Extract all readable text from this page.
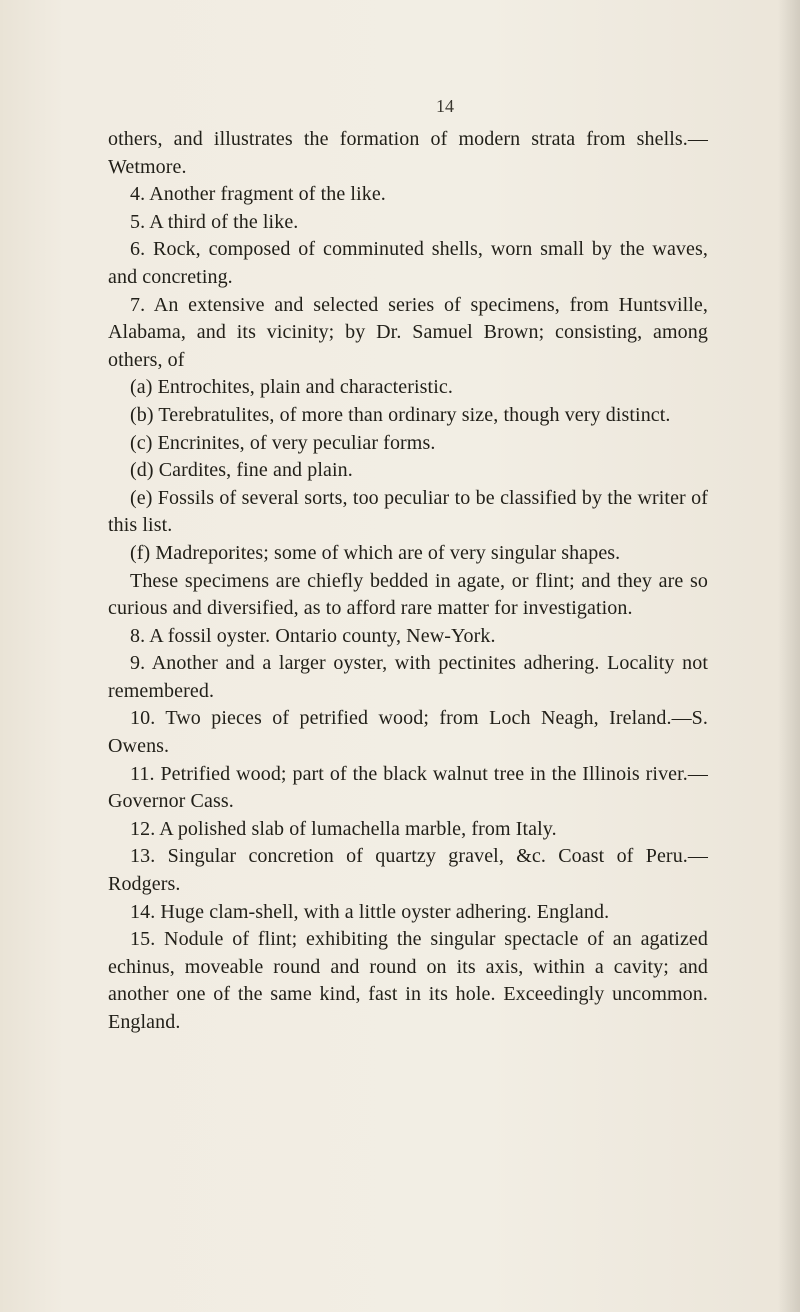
14

others, and illustrates the formation of modern strata from shells.—Wetmore.

4. Another fragment of the like.

5. A third of the like.

6. Rock, composed of comminuted shells, worn small by the waves, and concreting.

7. An extensive and selected series of specimens, from Huntsville, Alabama, and its vicinity; by Dr. Samuel Brown; consisting, among others, of

(a) Entrochites, plain and characteristic.

(b) Terebratulites, of more than ordinary size, though very distinct.

(c) Encrinites, of very peculiar forms.

(d) Cardites, fine and plain.

(e) Fossils of several sorts, too peculiar to be classified by the writer of this list.

(f) Madreporites; some of which are of very singular shapes.

These specimens are chiefly bedded in agate, or flint; and they are so curious and diversified, as to afford rare matter for investigation.

8. A fossil oyster. Ontario county, New-York.

9. Another and a larger oyster, with pectinites adhering. Locality not remembered.

10. Two pieces of petrified wood; from Loch Neagh, Ireland.—S. Owens.

11. Petrified wood; part of the black walnut tree in the Illinois river.—Governor Cass.

12. A polished slab of lumachella marble, from Italy.

13. Singular concretion of quartzy gravel, &c. Coast of Peru.—Rodgers.

14. Huge clam-shell, with a little oyster adhering. England.

15. Nodule of flint; exhibiting the singular spectacle of an agatized echinus, moveable round and round on its axis, within a cavity; and another one of the same kind, fast in its hole. Exceedingly uncommon. England.
